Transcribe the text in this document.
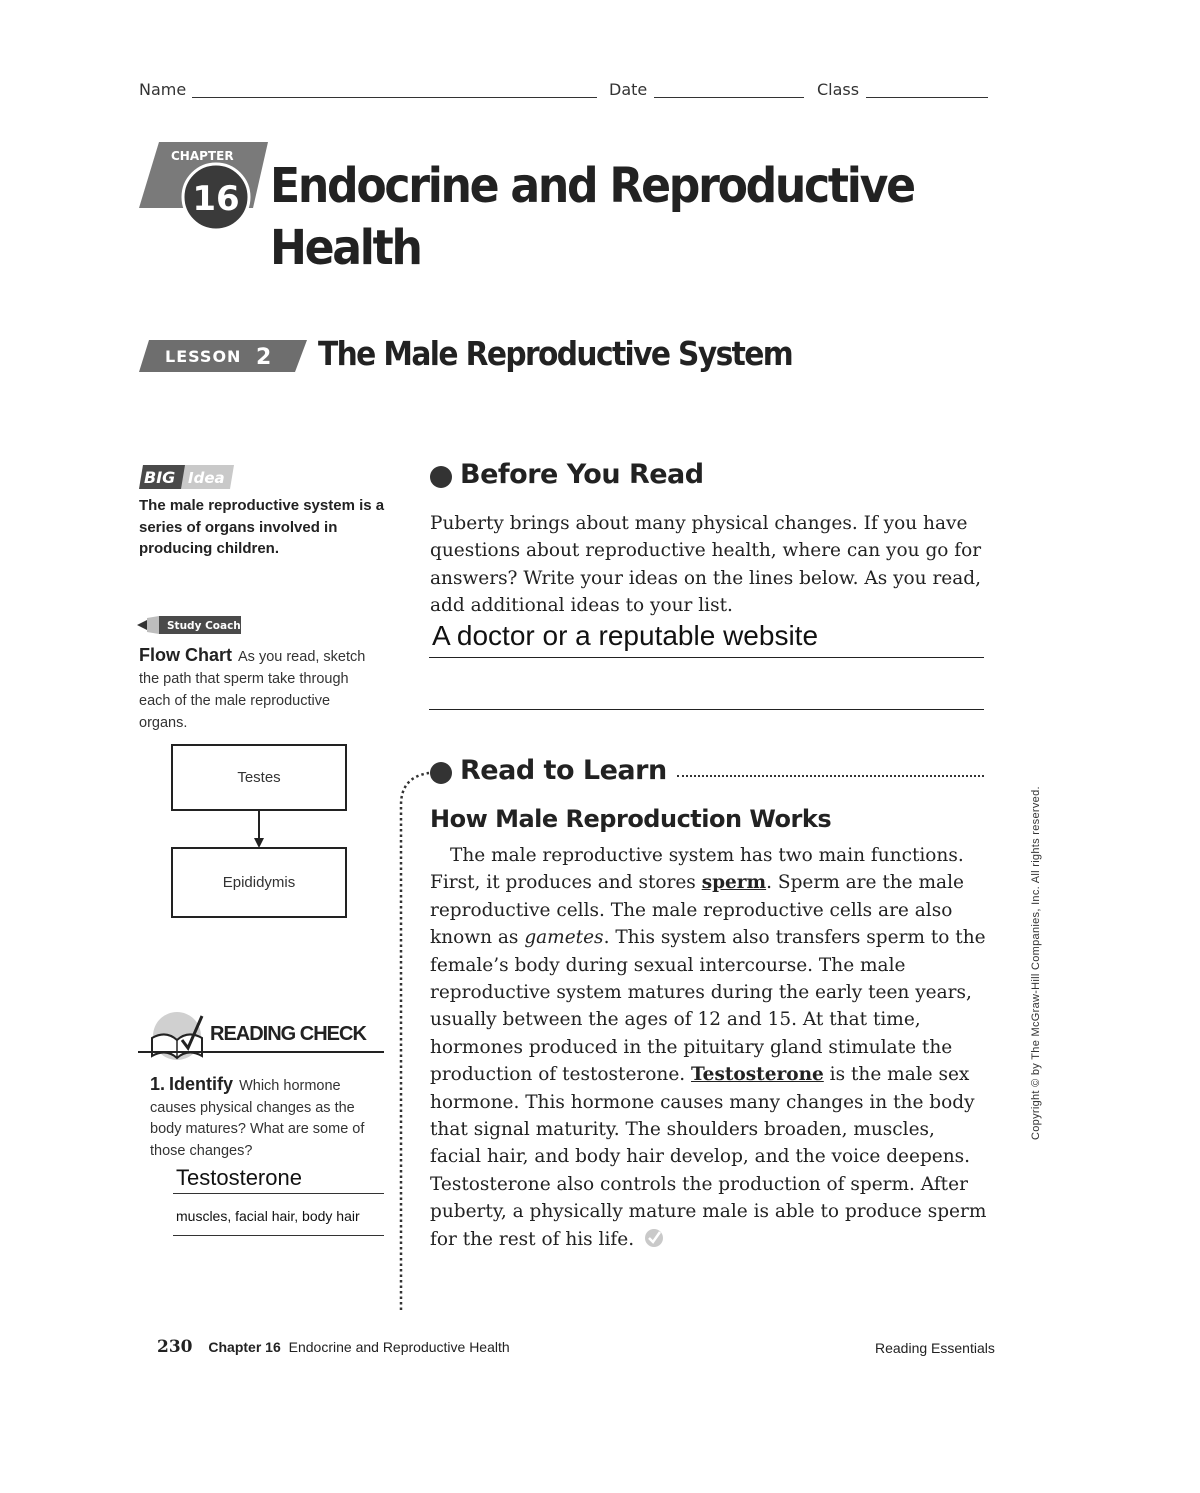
Name	Date	Class
CHAPTER
16 Endocrine and Reproductive
Health
LESSON 2 The Male Reproductive System
BIG Idea
The male reproductive system is a series of organs involved in producing children.
Study Coach
Flow Chart As you read, sketch the path that sperm take through each of the male reproductive organs.
Testes
Epididymis
READING CHECK
1. Identify Which hormone causes physical changes as the body matures? What are some of those changes?
Testosterone
muscles, facial hair, body hair
Before You Read
Puberty brings about many physical changes. If you have questions about reproductive health, where can you go for answers? Write your ideas on the lines below. As you read, add additional ideas to your list.
A doctor or a reputable website
Read to Learn
How Male Reproduction Works
The male reproductive system has two main functions. First, it produces and stores sperm. Sperm are the male reproductive cells. The male reproductive cells are also known as gametes. This system also transfers sperm to the female’s body during sexual intercourse. The male reproductive system matures during the early teen years, usually between the ages of 12 and 15. At that time, hormones produced in the pituitary gland stimulate the production of testosterone. Testosterone is the male sex hormone. This hormone causes many changes in the body that signal maturity. The shoulders broaden, muscles, facial hair, and body hair develop, and the voice deepens. Testosterone also controls the production of sperm. After puberty, a physically mature male is able to produce sperm for the rest of his life.
Copyright © by The McGraw-Hill Companies, Inc. All rights reserved.
230 Chapter 16 Endocrine and Reproductive Health	Reading Essentials
